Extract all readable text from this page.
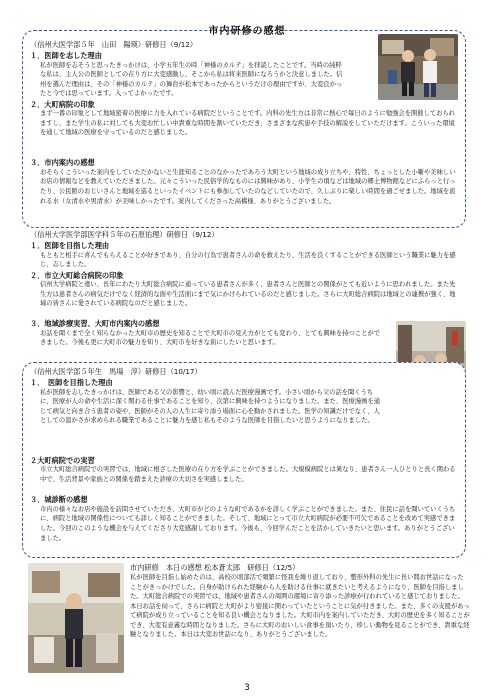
市内研修の感想
（信州大医学部５年　山田　陽瑛）研修日（9/12）
１．医師を志した理由
私が医師を志そうと思ったきっかけは、小学五年生の時「神様のカルテ」を拝読したことです。当時の純粋な私は、主人公の医師としての在り方に大変感動し、そこから私は将来医師になろうかと決意しました。信州を選んだ理由は、その「神様のカルテ」の舞台が松本であったからというだけの理由ですが、大変良かったと今では思っています。入ってよかったです。
２．大町病院の印象
まず一番の印象として地域密着の医療に力を入れている病院だということです。内科の先生方は非常に熱心で毎日のように勉強会を開催しておられますし、また学生の私に対しても大変お忙しい中貴重な時間を割いていただき、さまざまな疾患や手技の解説をしていただけます。こういった環境を通して地域の医療を守っているのだと感じました。
３．市内案内の感想
おそらくこういった案内をしていただかないと生涯知ることのなかったであろう大町という地域の成り立ちや、特性、ちょっとした小噺や美味しいお店の情報などを教えていただきました。元々こういった民俗学的なものには興味があり、小学生の頃などは地域の郷土博物館などにふらっと行ったり、公民館のおじいさんと地域を巡るといったイベントにも参加していたのなどしていたので、久しぶりに楽しい時間を過ごせました。地域を流れる水（女清水や男清水）が美味しかったです。案内してくださった高橋様、ありがとうございました。
（信州大学医学部医学科５年の石原佑理）研修日（9/12）
１．医師を目指した理由
もともと相手に喜んでもらえることが好きであり、自分の行為で患者さんの命を救えたり、生活を良くすることができる医師という職業に魅力を感じ、志しました。
２．市立大町総合病院の印象
信州大学病院と違い、長年にわたり大町総合病院に通っている患者さんが多く、患者さんと医師との関係がとても近いように思われました。また先生方は患者さんの病気だけでなく経済的な面や生活面にまで気にかけられているのだと感じました。さらに大町総合病院は地域との連携が強く、地域の皆さんに愛されている病院なのだと感じました。
３．地域診療実習、大町市内案内の感想
お話を聞くまで全く知らなかった大町市の歴史を知ることで大町市の見え方がとても変わり、とても興味を持つことができました。今後も更に大町市の魅力を知り、大町市を好きな街にしたいと思います。
（信州大医学部５年生　馬場　淳）研修日（10/17）
１．　医師を目指した理由
私が医師を志したきっかけは、医師である父の影響と、幼い頃に読んだ医療漫画です。小さい頃から父の話を聞くうちに、医療が人の命や生活に深く関わる仕事であることを知り、次第に興味を持つようになりました。また、医療漫画を通じて病気と向き合う患者の姿や、医師がその人の人生に寄り添う場面に心を動かされました。医学の知識だけでなく、人としての温かさが求められる職業であることに魅力を感じ私もそのような医師を目指したいと思うようになりました。
２大町病院での実習
市立大町総合病院での実習では、地域に根ざした医療の在り方を学ぶことができました。大規模病院とは異なり、患者さん一人ひとりと長く関わる中で、生活背景や家族との関係を踏まえた診療の大切さを実感しました。
３．城診断の感想
市内の様々なお店や施設を訪問させていただき、大町市がどのような町であるかを詳しく学ぶことができました。また、住民に話を聞いていくうちに、病院と地域の関係性についても詳しく知ることができました。そして、地域にとって市立大町病院が必要不可欠であることを改めて実感できました。今回のこのような機会を与えてくださり大変感謝しております。今後も、今回学んだことを活かしていきたいと思います。ありがとうございました。
市内研修　本日の感想 松本蒼太郎　研修日（12/5）
私が医師を目指し始めたのは、高校の頃部活で頻繁に怪我を繰り返しており、整形外科の先生に長い間お世話になったことがきっかけでした。自身が助けられた経験から人を助ける仕事に就きたいと考えるようになり、医師を目指しました。大町総合病院での実習では、地域や患者さんの周囲の環境に寄り添った診療が行われていると感じておりました。本日お話を伺って、さらに病院と大町がより密接に関わっていたということに気が付きました。また、多くの支援があって病院が成り立っていることを知る良い機会となりました。大町市内を案内していただき、大町の歴史を多く知ることができ、大変有意義な時間となりました。さらに大町のおいしい食事を頂いたり、珍しい動物を見ることができ、貴重な経験となりました。本日は大変お世話になり、ありがとうございました。
3
